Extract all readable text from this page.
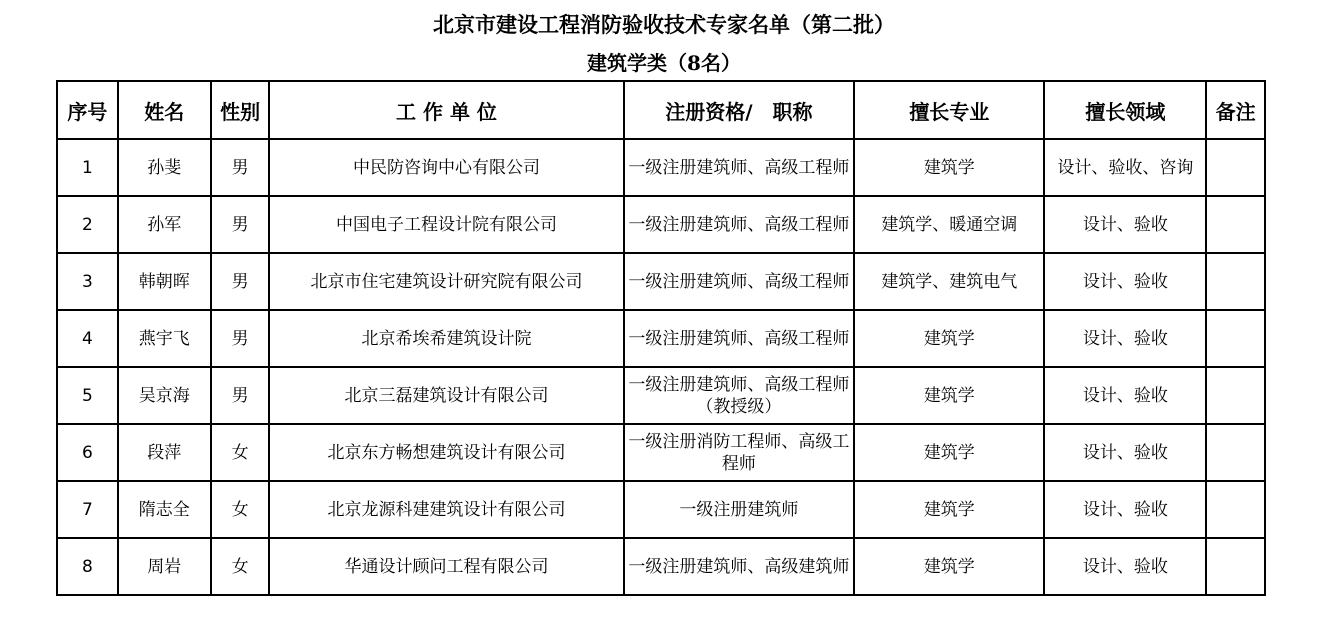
北京市建设工程消防验收技术专家名单（第二批）
建筑学类（8名）
序号	姓名	性别	工 作 单 位	注册资格/　职称	擅长专业	擅长领域	备注
1	孙斐	男	中民防咨询中心有限公司	一级注册建筑师、高级工程师	建筑学	设计、验收、咨询	
2	孙军	男	中国电子工程设计院有限公司	一级注册建筑师、高级工程师	建筑学、暖通空调	设计、验收	
3	韩朝晖	男	北京市住宅建筑设计研究院有限公司	一级注册建筑师、高级工程师	建筑学、建筑电气	设计、验收	
4	燕宇飞	男	北京希埃希建筑设计院	一级注册建筑师、高级工程师	建筑学	设计、验收	
5	吴京海	男	北京三磊建筑设计有限公司	一级注册建筑师、高级工程师（教授级）	建筑学	设计、验收	
6	段萍	女	北京东方畅想建筑设计有限公司	一级注册消防工程师、高级工程师	建筑学	设计、验收	
7	隋志全	女	北京龙源科建建筑设计有限公司	一级注册建筑师	建筑学	设计、验收	
8	周岩	女	华通设计顾问工程有限公司	一级注册建筑师、高级建筑师	建筑学	设计、验收	
